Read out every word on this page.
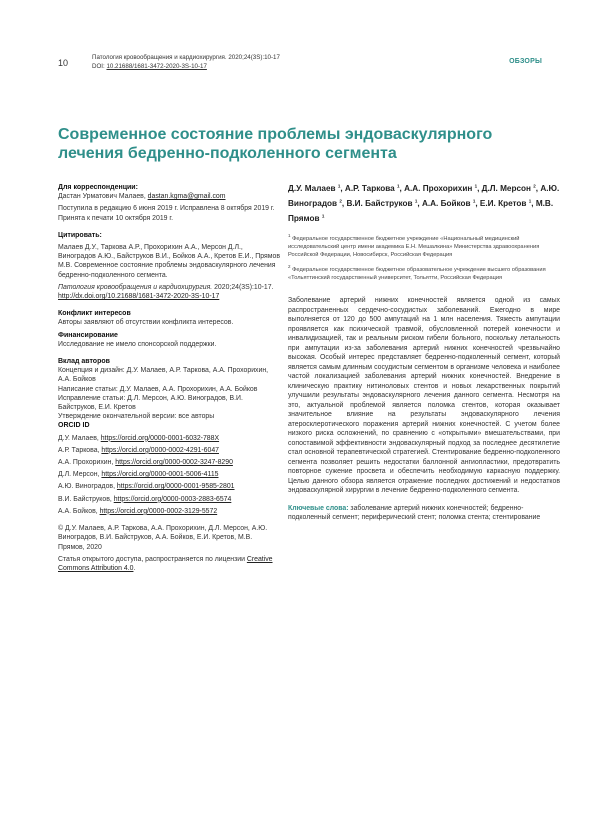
10
Патология кровообращения и кардиохирургия. 2020;24(3S):10-17
DOI: 10.21688/1681-3472-2020-3S-10-17
ОБЗОРЫ
Современное состояние проблемы эндоваскулярного лечения бедренно-подколенного сегмента
Для корреспонденции:

Дастан Урматович Малаев, dastan.kgma@gmail.com

Поступила в редакцию 6 июня 2019 г. Исправлена 8 октября 2019 г. Принята к печати 10 октября 2019 г.

Цитировать:

Малаев Д.У., Таркова А.Р., Прохорихин А.А., Мерсон Д.Л., Виноградов А.Ю., Байструков В.И., Бойков А.А., Кретов Е.И., Прямов М.В. Современное состояние проблемы эндоваскулярного лечения бедренно-подколенного сегмента.

Патология кровообращения и кардиохирургия. 2020;24(3S):10-17. http://dx.doi.org/10.21688/1681-3472-2020-3S-10-17

Конфликт интересов

Авторы заявляют об отсутствии конфликта интересов.

Финансирование

Исследование не имело спонсорской поддержки.

Вклад авторов

Концепция и дизайн: Д.У. Малаев, А.Р. Таркова, А.А. Прохорихин, А.А. Бойков

Написание статьи: Д.У. Малаев, А.А. Прохорихин, А.А. Бойков

Исправление статьи: Д.Л. Мерсон, А.Ю. Виноградов, В.И. Байструков, Е.И. Кретов

Утверждение окончательной версии: все авторы

ORCID ID

Д.У. Малаев, https://orcid.org/0000-0001-6032-788X

А.Р. Таркова, https://orcid.org/0000-0002-4291-6047

А.А. Прохорихин, https://orcid.org/0000-0002-3247-8290

Д.Л. Мерсон, https://orcid.org/0000-0001-5006-4115

А.Ю. Виноградов, https://orcid.org/0000-0001-9585-2801

В.И. Байструков, https://orcid.org/0000-0003-2883-6574

А.А. Бойков, https://orcid.org/0000-0002-3129-5572

© Д.У. Малаев, А.Р. Таркова, А.А. Прохорихин, Д.Л. Мерсон, А.Ю. Виноградов, В.И. Байструков, А.А. Бойков, Е.И. Кретов, М.В. Прямов, 2020

Статья открытого доступа, распространяется по лицензии Creative Commons Attribution 4.0.

Д.У. Малаев $^1$, А.Р. Таркова $^1$, А.А. Прохорихин $^1$, Д.Л. Мерсон $^2$, А.Ю. Виноградов $^2$, В.И. Байструков $^1$, А.А. Бойков $^1$, Е.И. Кретов $^1$, М.В. Прямов $^1$

$^1$ Федеральное государственное бюджетное учреждение «Национальный медицинский исследовательский центр имени академика Е.Н. Мешалкина» Министерства здравоохранения Российской Федерации, Новосибирск, Российская Федерация

$^2$ Федеральное государственное бюджетное образовательное учреждение высшего образования «Тольяттинский государственный университет, Тольятти, Российская Федерация

Заболевание артерий нижних конечностей является одной из самых распространенных сердечно-сосудистых заболеваний. Ежегодно в мире выполняется от 120 до 500 ампутаций на 1 млн населения. Тяжесть ампутации проявляется как психической травмой, обусловленной потерей конечности и инвалидизацией, так и реальным риском гибели больного, поскольку летальность при ампутации из-за заболевания артерий нижних конечностей чрезвычайно высокая. Особый интерес представляет бедренно-подколенный сегмент, который является самым длинным сосудистым сегментом в организме человека и наиболее частой локализацией заболевания артерий нижних конечностей. Внедрение в клиническую практику нитиноловых стентов и новых лекарственных покрытий улучшили результаты эндоваскулярного лечения данного сегмента. Несмотря на это, актуальной проблемой является поломка стентов, которая оказывает значительное влияние на результаты эндоваскулярного лечения атеросклеротического поражения артерий нижних конечностей. С учетом более низкого риска осложнений, по сравнению с «открытыми» вмешательствами, при сопоставимой эффективности эндоваскулярный подход за последнее десятилетие стал основной терапевтической стратегией. Стентирование бедренно-подколенного сегмента позволяет решить недостатки баллонной ангиопластики, предотвратить повторное сужение просвета и обеспечить необходимую каркасную поддержку. Целью данного обзора является отражение последних достижений и недостатков эндоваскулярной хирургии в лечение бедренно-подколенного сегмента.
Ключевые слова: заболевание артерий нижних конечностей; бедренно-подколенный сегмент; периферический стент; поломка стента; стентирование
